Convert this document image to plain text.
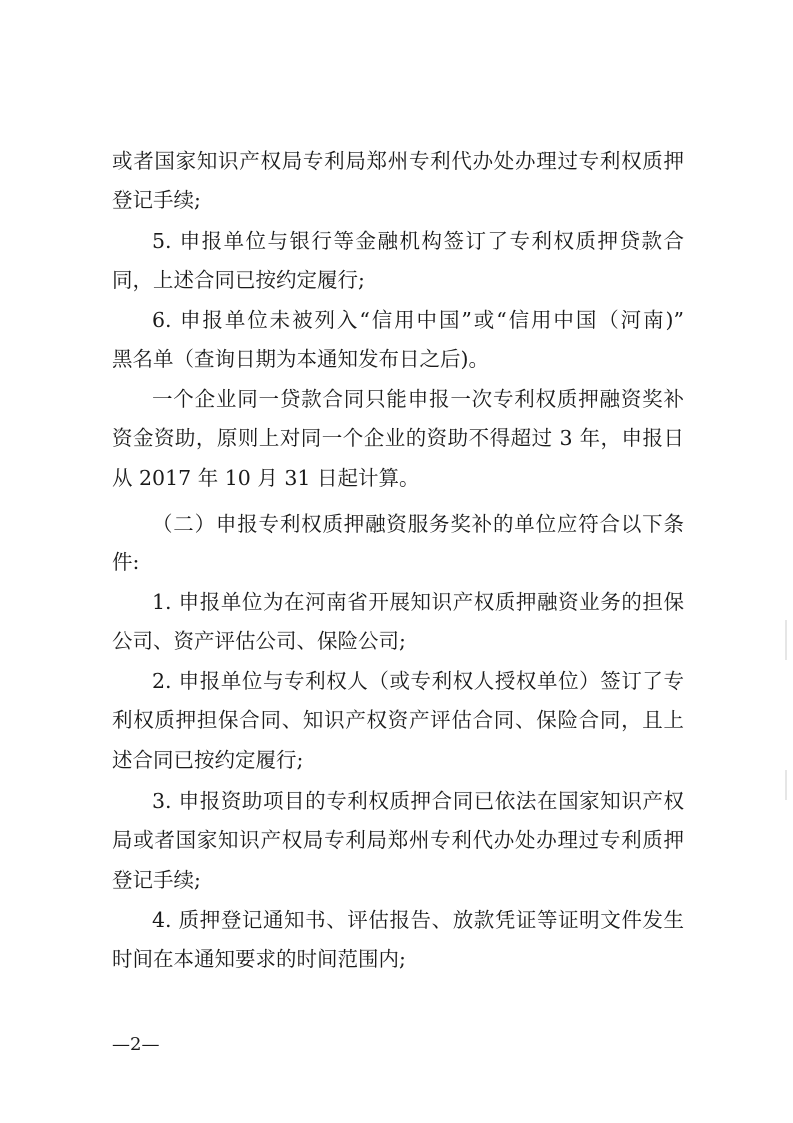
或者国家知识产权局专利局郑州专利代办处办理过专利权质押
登记手续;
5. 申报单位与银行等金融机构签订了专利权质押贷款合
同，上述合同已按约定履行;
6. 申报单位未被列入“信用中国”或“信用中国（河南)”
黑名单（查询日期为本通知发布日之后)。
一个企业同一贷款合同只能申报一次专利权质押融资奖补
资金资助，原则上对同一个企业的资助不得超过 3 年，申报日
从 2017 年 10 月 31 日起计算。
（二）申报专利权质押融资服务奖补的单位应符合以下条
件:
1. 申报单位为在河南省开展知识产权质押融资业务的担保
公司、资产评估公司、保险公司;
2. 申报单位与专利权人（或专利权人授权单位）签订了专
利权质押担保合同、知识产权资产评估合同、保险合同，且上
述合同已按约定履行;
3. 申报资助项目的专利权质押合同已依法在国家知识产权
局或者国家知识产权局专利局郑州专利代办处办理过专利质押
登记手续;
4. 质押登记通知书、评估报告、放款凭证等证明文件发生
时间在本通知要求的时间范围内;
—2—
